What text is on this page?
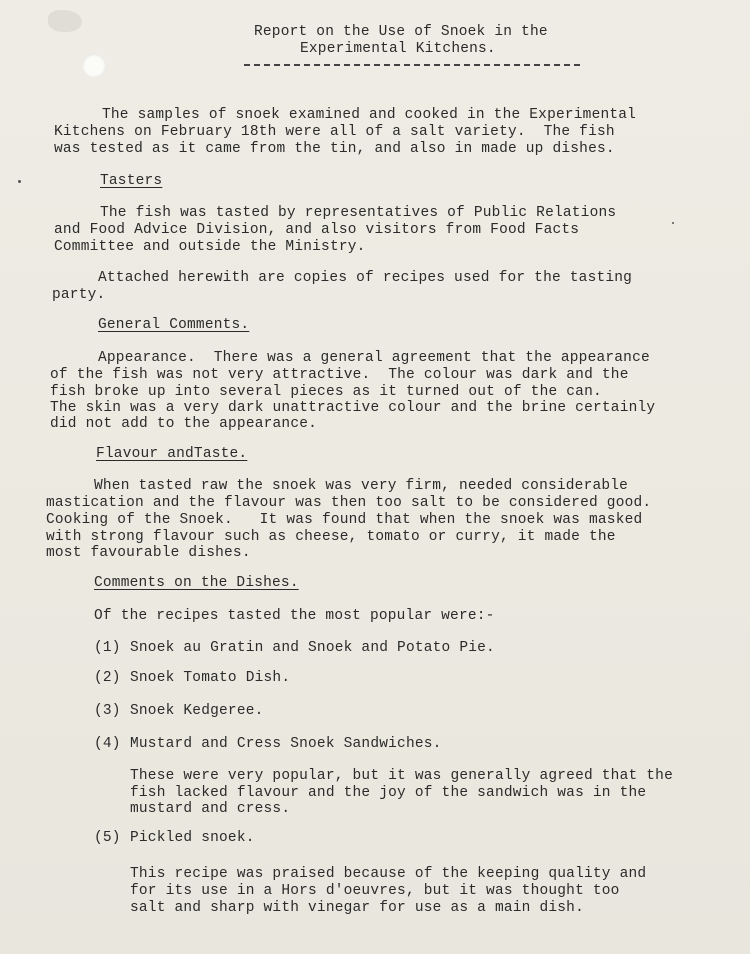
Report on the Use of Snoek in the
Experimental Kitchens.
The samples of snoek examined and cooked in the Experimental
Kitchens on February 18th were all of a salt variety.  The fish
was tested as it came from the tin, and also in made up dishes.
Tasters
The fish was tasted by representatives of Public Relations
and Food Advice Division, and also visitors from Food Facts
Committee and outside the Ministry.
Attached herewith are copies of recipes used for the tasting
party.
General Comments.
Appearance.  There was a general agreement that the appearance
of the fish was not very attractive.  The colour was dark and the
fish broke up into several pieces as it turned out of the can.
The skin was a very dark unattractive colour and the brine certainly
did not add to the appearance.
Flavour andTaste.
When tasted raw the snoek was very firm, needed considerable
mastication and the flavour was then too salt to be considered good.
Cooking of the Snoek.   It was found that when the snoek was masked
with strong flavour such as cheese, tomato or curry, it made the
most favourable dishes.
Comments on the Dishes.
Of the recipes tasted the most popular were:-
(1) Snoek au Gratin and Snoek and Potato Pie.
(2) Snoek Tomato Dish.
(3) Snoek Kedgeree.
(4) Mustard and Cress Snoek Sandwiches.
These were very popular, but it was generally agreed that the
fish lacked flavour and the joy of the sandwich was in the
mustard and cress.
(5) Pickled snoek.
This recipe was praised because of the keeping quality and
for its use in a Hors d'oeuvres, but it was thought too
salt and sharp with vinegar for use as a main dish.
